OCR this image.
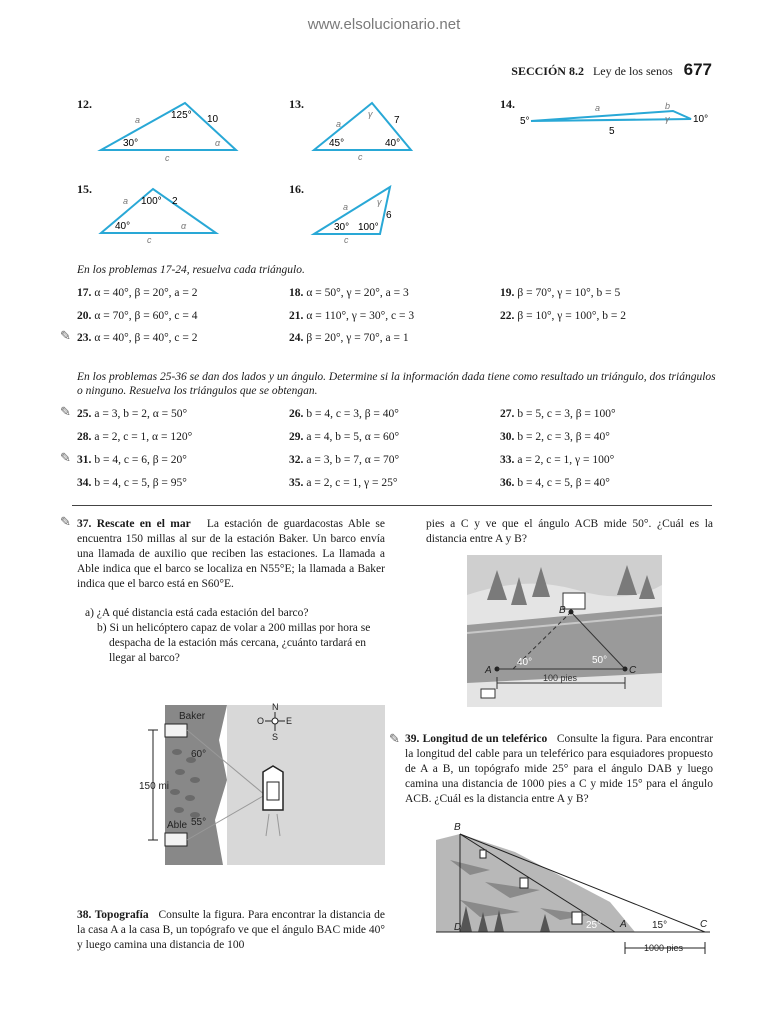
www.elsolucionario.net
SECCIÓN 8.2 Ley de los senos 677
12.
a	125° 10
30°	α
c
13.
a
γ
7
45°	40°
c
14.	a	b
5°	γ 10°
5
15.
a 100° 2
40°	α
c
16.
a	γ
6
30° 100°
c
En los problemas 17-24, resuelva cada triángulo.
17. α = 40°, β = 20°, a = 2	18. α = 50°, γ = 20°, a = 3	19. β = 70°, γ = 10°, b = 5
20. α = 70°, β = 60°, c = 4	21. α = 110°, γ = 30°, c = 3	22. β = 10°, γ = 100°, b = 2
✎ 23. α = 40°, β = 40°, c = 2	24. β = 20°, γ = 70°, a = 1
En los problemas 25-36 se dan dos lados y un ángulo. Determine si la información dada tiene como resultado un triángulo, dos triángulos o ninguno. Resuelva los triángulos que se obtengan.
✎ 25. a = 3, b = 2, α = 50°	26. b = 4, c = 3, β = 40°	27. b = 5, c = 3, β = 100°
28. a = 2, c = 1, α = 120°	29. a = 4, b = 5, α = 60°	30. b = 2, c = 3, β = 40°
✎ 31. b = 4, c = 6, β = 20°	32. a = 3, b = 7, α = 70°	33. a = 2, c = 1, γ = 100°
34. b = 4, c = 5, β = 95°	35. a = 2, c = 1, γ = 25°	36. b = 4, c = 5, β = 40°
✎ 37. Rescate en el mar La estación de guardacostas Able se encuentra 150 millas al sur de la estación Baker. Un barco envía una llamada de auxilio que reciben las estaciones. La llamada a Able indica que el barco se localiza en N55°E; la llamada a Baker indica que el barco está en S60°E.
a) ¿A qué distancia está cada estación del barco?
b) Si un helicóptero capaz de volar a 200 millas por hora se despacha de la estación más cercana, ¿cuánto tardará en llegar al barco?
Baker
Able
150 mi
60°
55°
N
S
E
O
38. Topografía Consulte la figura. Para encontrar la distancia de la casa A a la casa B, un topógrafo ve que el ángulo BAC mide 40° y luego camina una distancia de 100
pies a C y ve que el ángulo ACB mide 50°. ¿Cuál es la distancia entre A y B?
B
A	C
40°	50°
100 pies
✎ 39. Longitud de un teleférico Consulte la figura. Para encontrar la longitud del cable para un teleférico para esquiadores propuesto de A a B, un topógrafo mide 25° para el ángulo DAB y luego camina una distancia de 1000 pies a C y mide 15° para el ángulo ACB. ¿Cuál es la distancia entre A y B?
B
D	A	C
25°	15°
1000 pies
